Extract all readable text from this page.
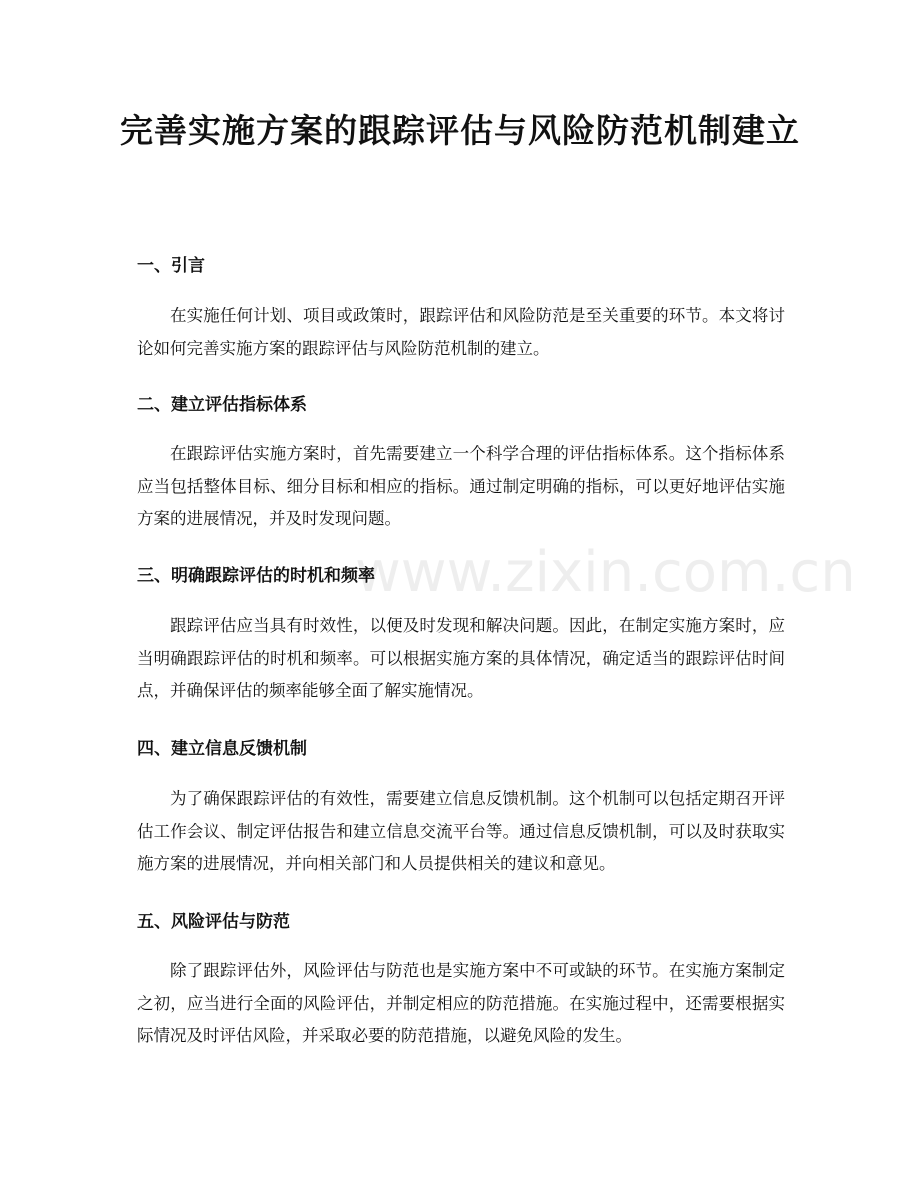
www.zixin.com.cn
完善实施方案的跟踪评估与风险防范机制建立
一、引言

在实施任何计划、项目或政策时，跟踪评估和风险防范是至关重要的环节。本文将讨论如何完善实施方案的跟踪评估与风险防范机制的建立。

二、建立评估指标体系

在跟踪评估实施方案时，首先需要建立一个科学合理的评估指标体系。这个指标体系应当包括整体目标、细分目标和相应的指标。通过制定明确的指标，可以更好地评估实施方案的进展情况，并及时发现问题。

三、明确跟踪评估的时机和频率

跟踪评估应当具有时效性，以便及时发现和解决问题。因此，在制定实施方案时，应当明确跟踪评估的时机和频率。可以根据实施方案的具体情况，确定适当的跟踪评估时间点，并确保评估的频率能够全面了解实施情况。

四、建立信息反馈机制

为了确保跟踪评估的有效性，需要建立信息反馈机制。这个机制可以包括定期召开评估工作会议、制定评估报告和建立信息交流平台等。通过信息反馈机制，可以及时获取实施方案的进展情况，并向相关部门和人员提供相关的建议和意见。

五、风险评估与防范

除了跟踪评估外，风险评估与防范也是实施方案中不可或缺的环节。在实施方案制定之初，应当进行全面的风险评估，并制定相应的防范措施。在实施过程中，还需要根据实际情况及时评估风险，并采取必要的防范措施，以避免风险的发生。
